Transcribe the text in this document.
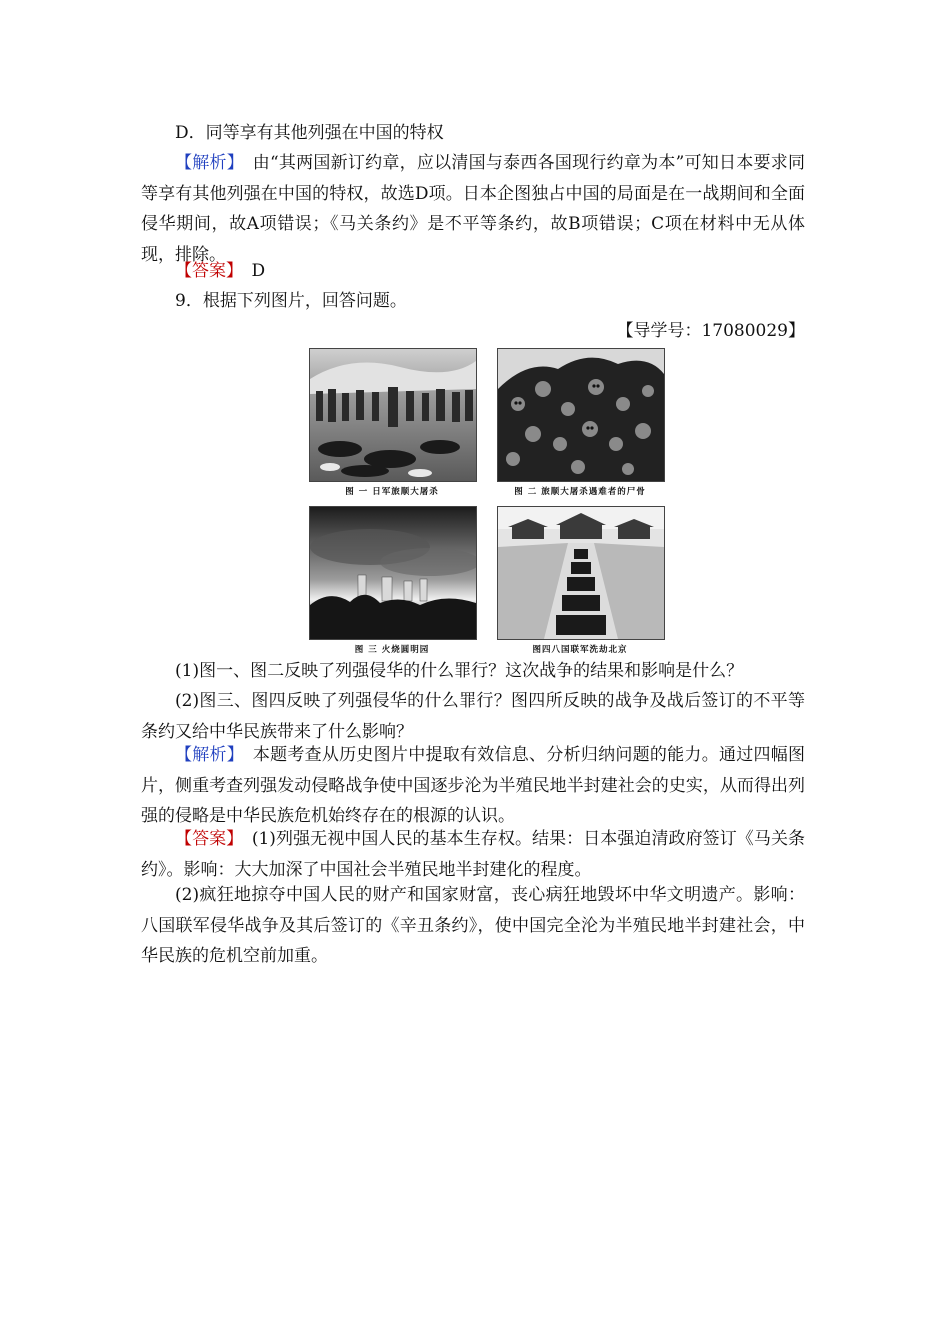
D．同等享有其他列强在中国的特权

【解析】　 由“其两国新订约章，应以清国与泰西各国现行约章为本”可知日本要求同等享有其他列强在中国的特权，故选D项。日本企图独占中国的局面是在一战期间和全面侵华期间，故A项错误；《马关条约》是不平等条约，故B项错误；C项在材料中无从体现，排除。

【答案】　 D

9．根据下列图片，回答问题。

【导学号：17080029】
图 一 日军旅顺大屠杀	图 二 旅顺大屠杀遇难者的尸骨
图 三 火烧圆明园	图四八国联军洗劫北京

(1)图一、图二反映了列强侵华的什么罪行？这次战争的结果和影响是什么？

(2)图三、图四反映了列强侵华的什么罪行？图四所反映的战争及战后签订的不平等条约又给中华民族带来了什么影响？

【解析】　 本题考查从历史图片中提取有效信息、分析归纳问题的能力。通过四幅图片，侧重考查列强发动侵略战争使中国逐步沦为半殖民地半封建社会的史实，从而得出列强的侵略是中华民族危机始终存在的根源的认识。

【答案】　 (1)列强无视中国人民的基本生存权。结果：日本强迫清政府签订《马关条约》。影响：大大加深了中国社会半殖民地半封建化的程度。

(2)疯狂地掠夺中国人民的财产和国家财富，丧心病狂地毁坏中华文明遗产。影响：八国联军侵华战争及其后签订的《辛丑条约》，使中国完全沦为半殖民地半封建社会，中华民族的危机空前加重。
